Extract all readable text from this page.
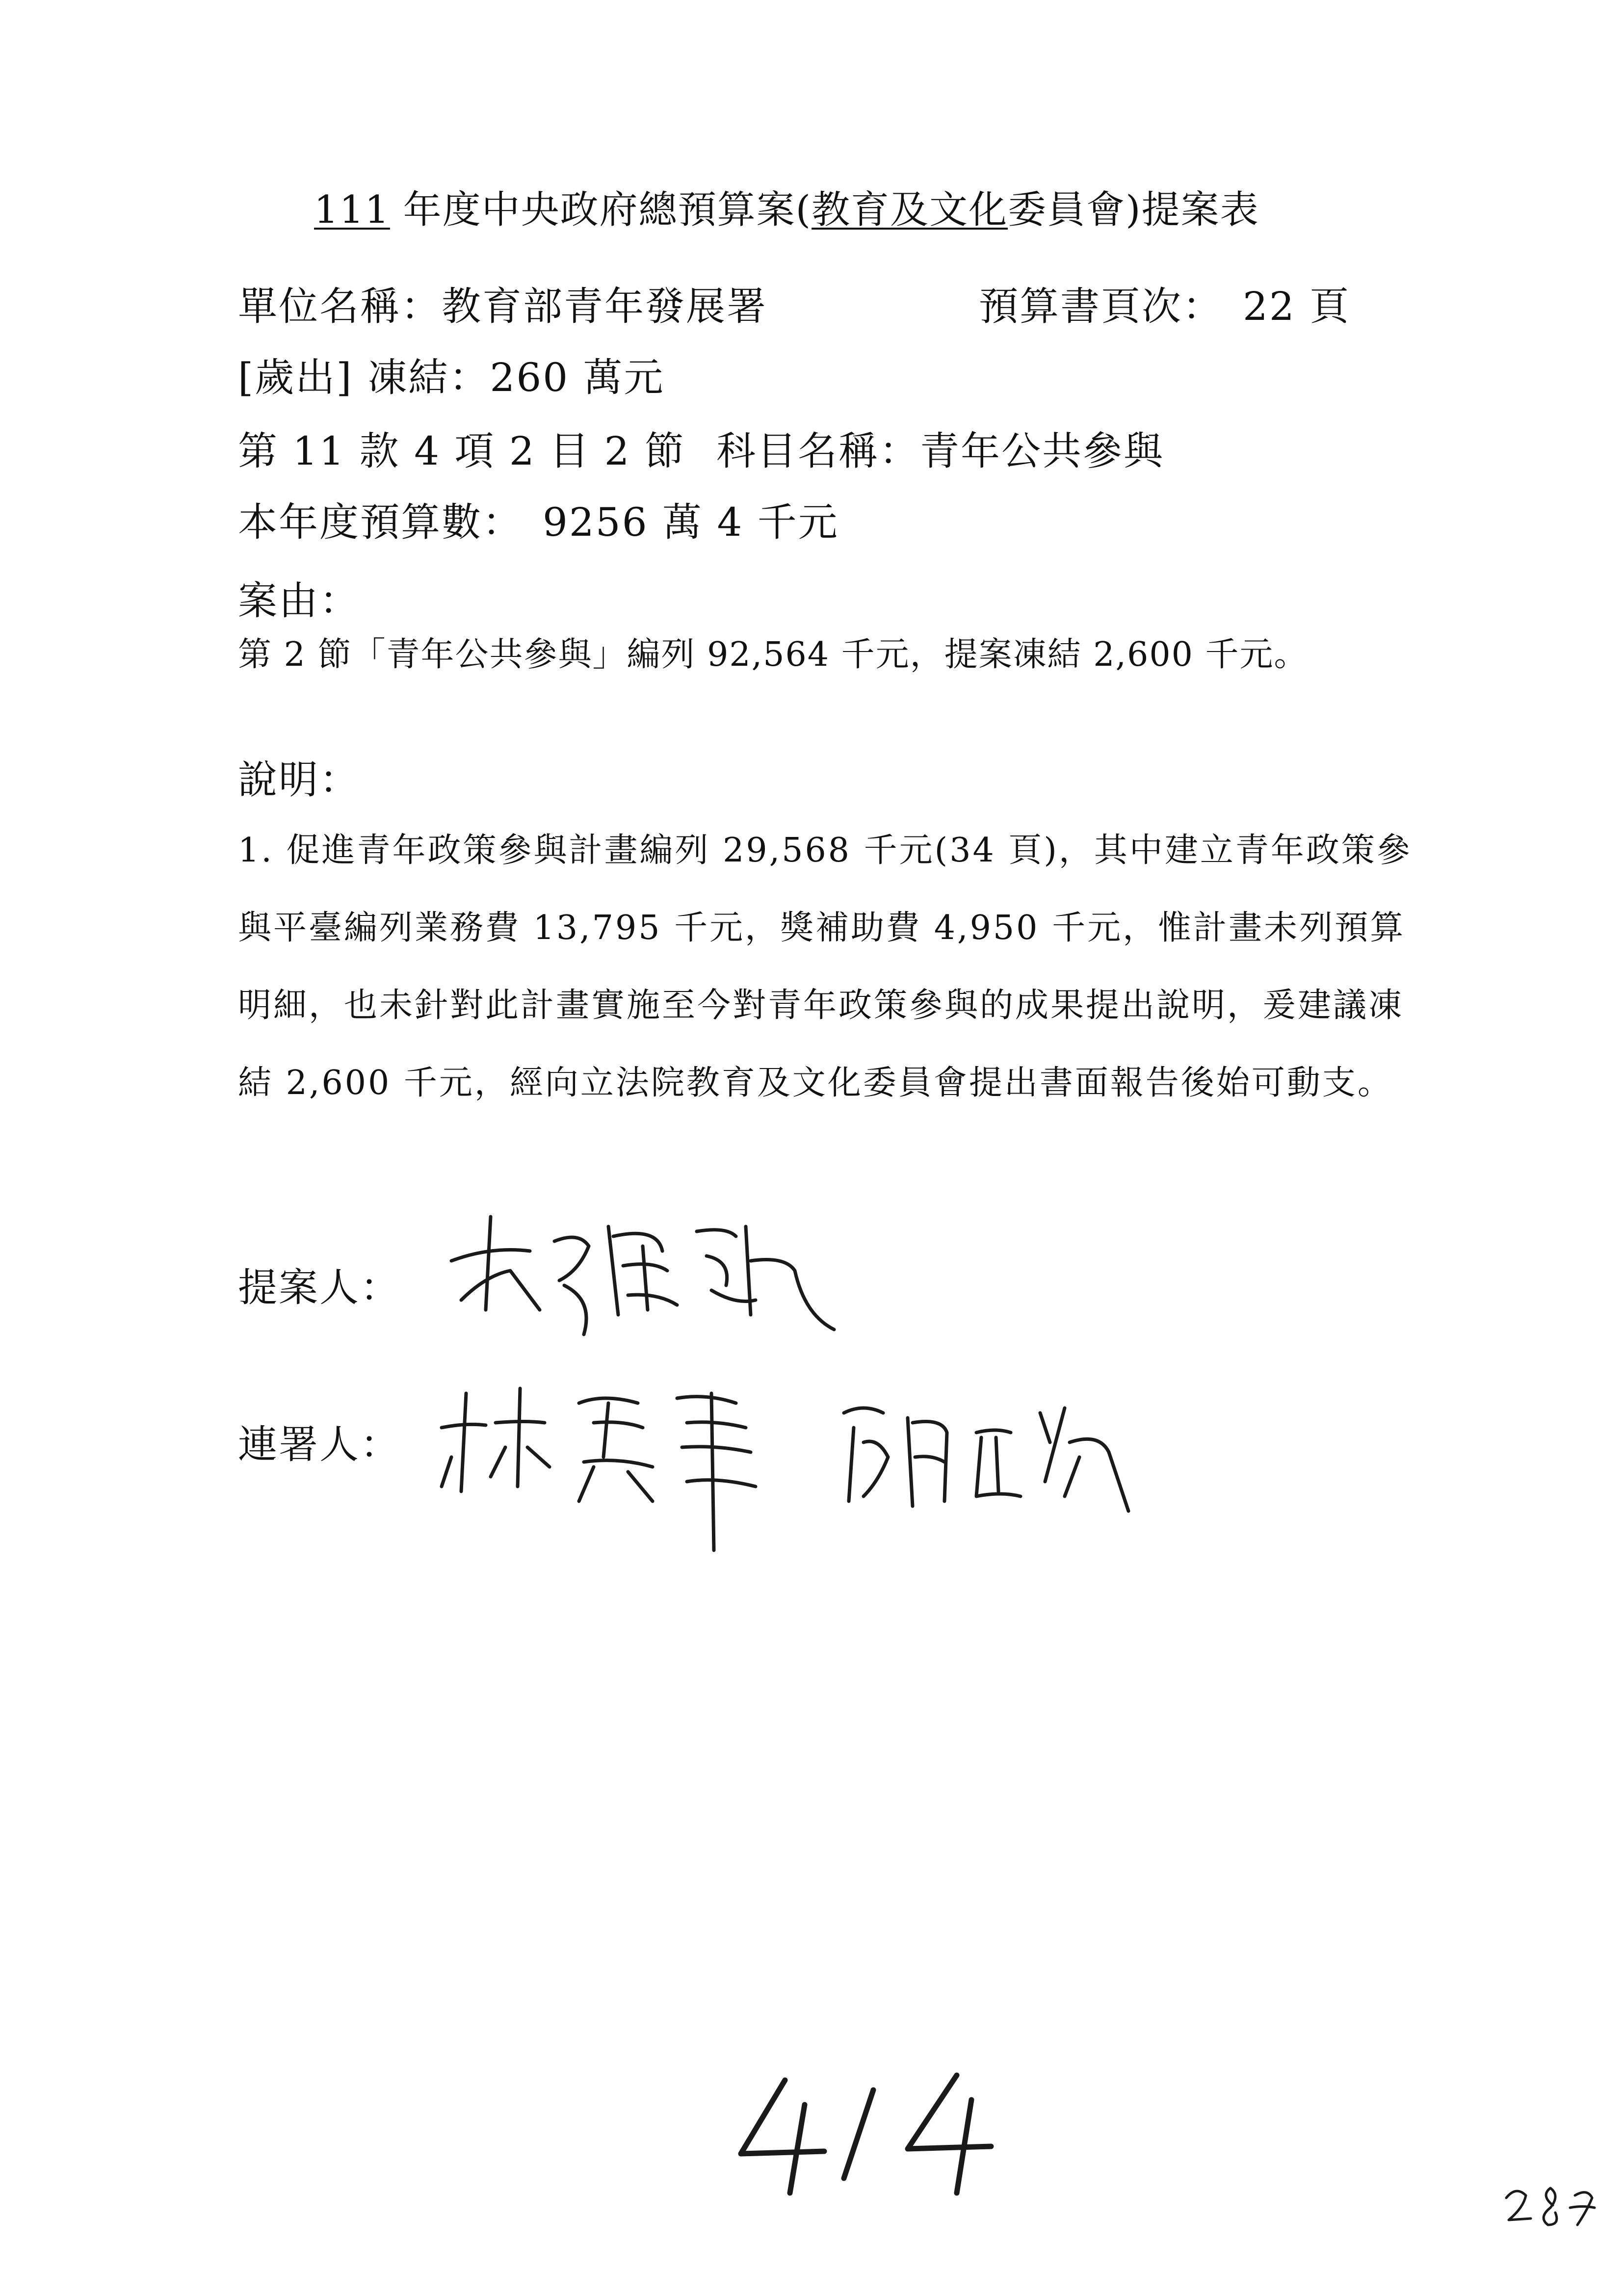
111 年度中央政府總預算案(教育及文化委員會)提案表
單位名稱：教育部青年發展署	預算書頁次： 22 頁
[歲出] 凍結：260 萬元
第 11 款 4 項 2 目 2 節 科目名稱：青年公共參與
本年度預算數： 9256 萬 4 千元
案由：
第 2 節「青年公共參與」編列 92,564 千元，提案凍結 2,600 千元。
說明：
1. 促進青年政策參與計畫編列 29,568 千元(34 頁)，其中建立青年政策參與平臺編列業務費 13,795 千元，獎補助費 4,950 千元，惟計畫未列預算明細，也未針對此計畫實施至今對青年政策參與的成果提出說明，爰建議凍結 2,600 千元，經向立法院教育及文化委員會提出書面報告後始可動支。
提案人：
連署人：
